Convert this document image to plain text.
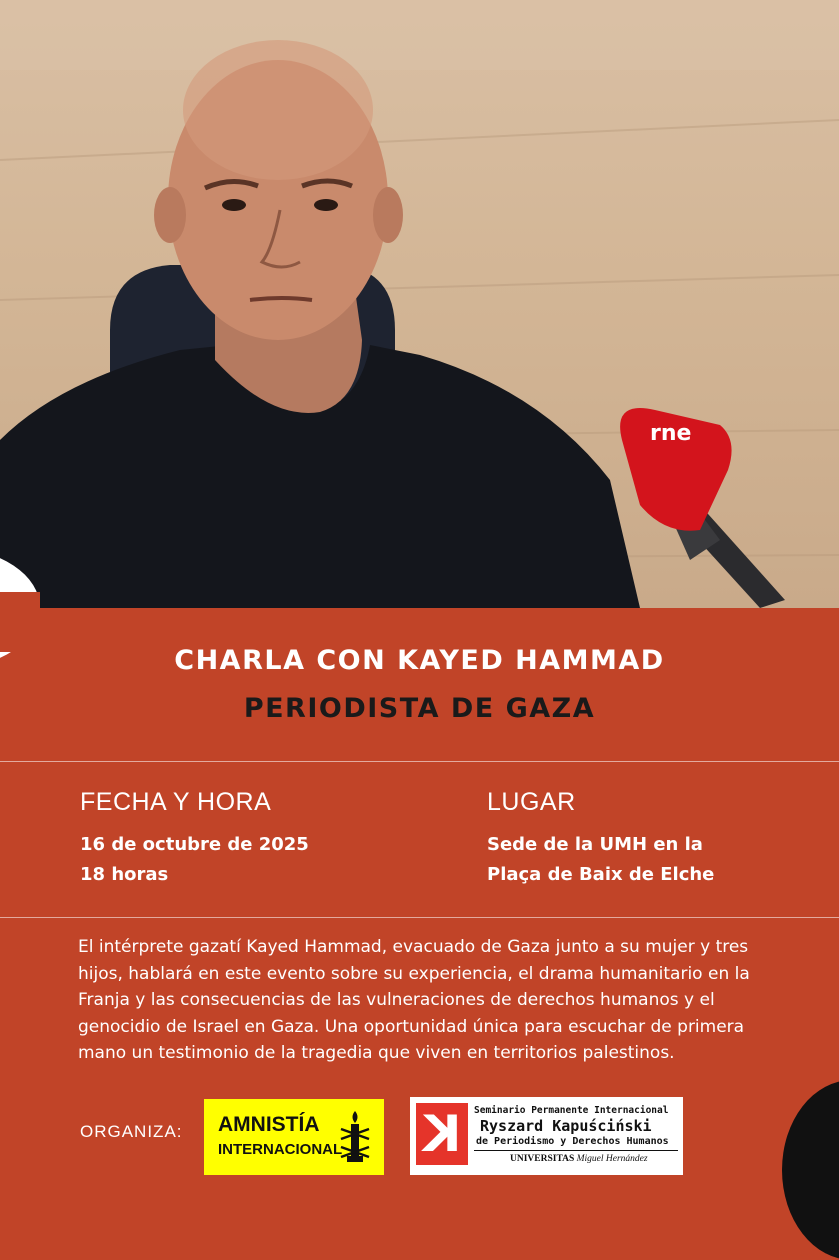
rne
CHARLA CON KAYED HAMMAD
PERIODISTA DE GAZA
FECHA Y HORA
16 de octubre de 2025
18 horas
LUGAR
Sede de la UMH en la
Plaça de Baix de Elche
El intérprete gazatí Kayed Hammad, evacuado de Gaza junto a su mujer y tres
hijos, hablará en este evento sobre su experiencia, el drama humanitario en la
Franja y las consecuencias de las vulneraciones de derechos humanos y el
genocidio de Israel en Gaza. Una oportunidad única para escuchar de primera
mano un testimonio de la tragedia que viven en territorios palestinos.
ORGANIZA: AMNISTÍA
INTERNACIONAL K	Seminario Permanente Internacional
Ryszard Kapuściński
de Periodismo y Derechos Humanos
UNIVERSITAS Miguel Hernández
